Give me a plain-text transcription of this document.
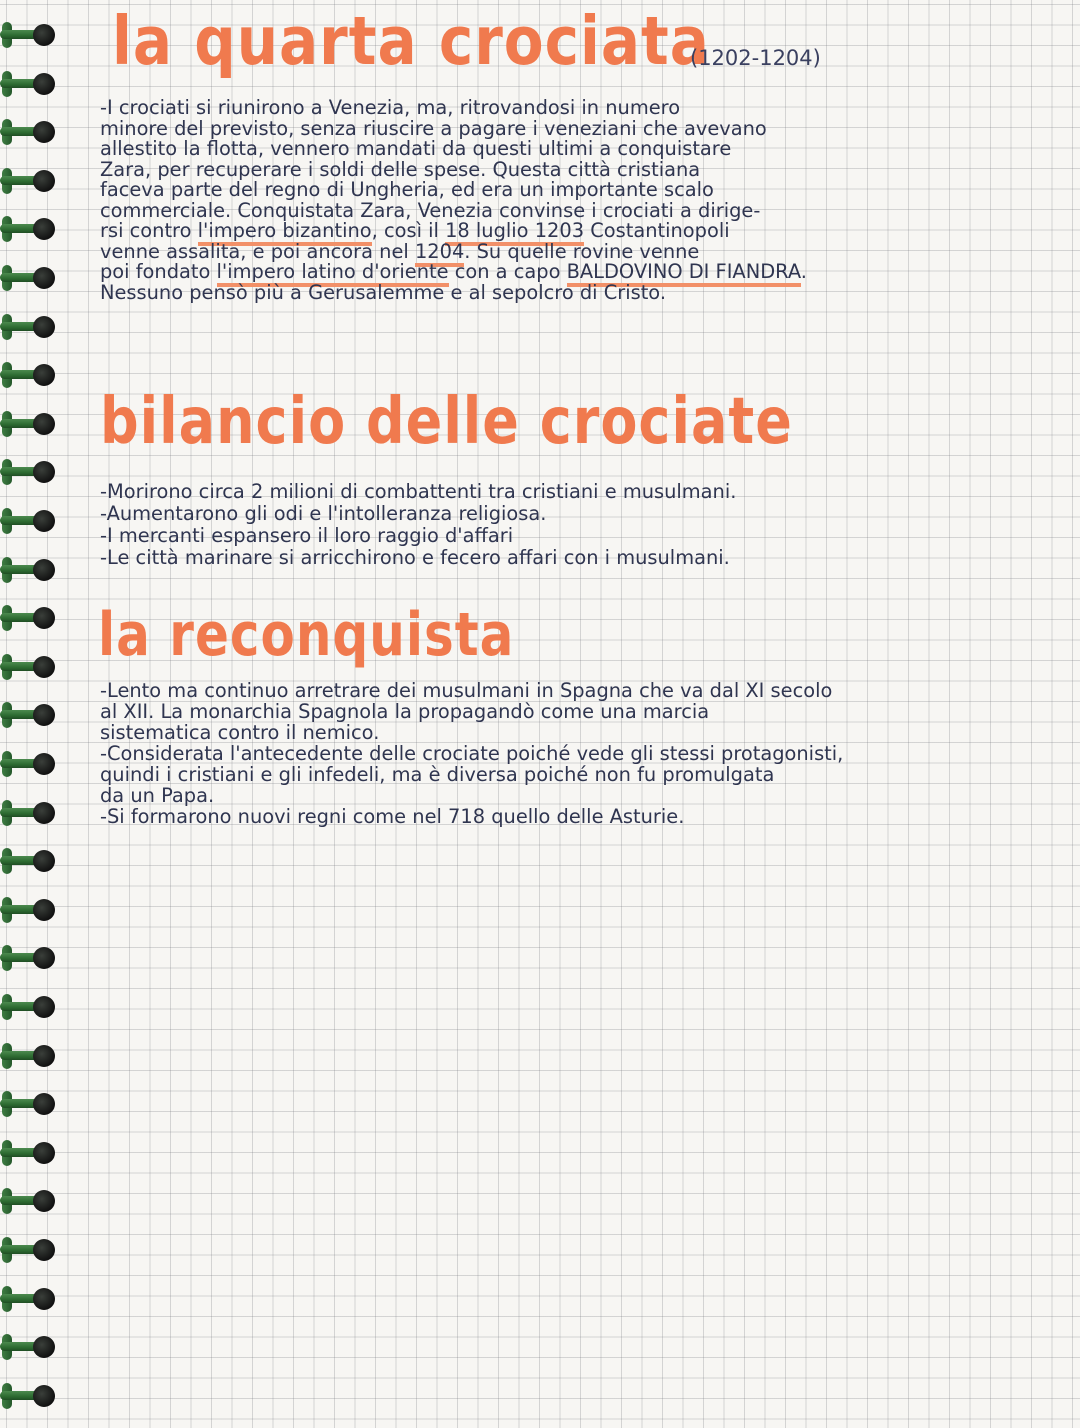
la quarta crociata
(1202-1204)
-I crociati si riunirono a Venezia, ma, ritrovandosi in numero
minore del previsto, senza riuscire a pagare i veneziani che avevano
allestito la flotta, vennero mandati da questi ultimi a conquistare
Zara, per recuperare i soldi delle spese. Questa città cristiana
faceva parte del regno di Ungheria, ed era un importante scalo
commerciale. Conquistata Zara, Venezia convinse i crociati a dirige-
rsi contro l'impero bizantino, così il 18 luglio 1203 Costantinopoli
venne assalita, e poi ancora nel 1204. Su quelle rovine venne
poi fondato l'impero latino d'oriente con a capo BALDOVINO DI FIANDRA.
Nessuno pensò più a Gerusalemme e al sepolcro di Cristo.
bilancio delle crociate
-Morirono circa 2 milioni di combattenti tra cristiani e musulmani.
-Aumentarono gli odi e l'intolleranza religiosa.
-I mercanti espansero il loro raggio d'affari
-Le città marinare si arricchirono e fecero affari con i musulmani.
la reconquista
-Lento ma continuo arretrare dei musulmani in Spagna che va dal XI secolo
al XII. La monarchia Spagnola la propagandò come una marcia
sistematica contro il nemico.
-Considerata l'antecedente delle crociate poiché vede gli stessi protagonisti,
quindi i cristiani e gli infedeli, ma è diversa poiché non fu promulgata
da un Papa.
-Si formarono nuovi regni come nel 718 quello delle Asturie.
